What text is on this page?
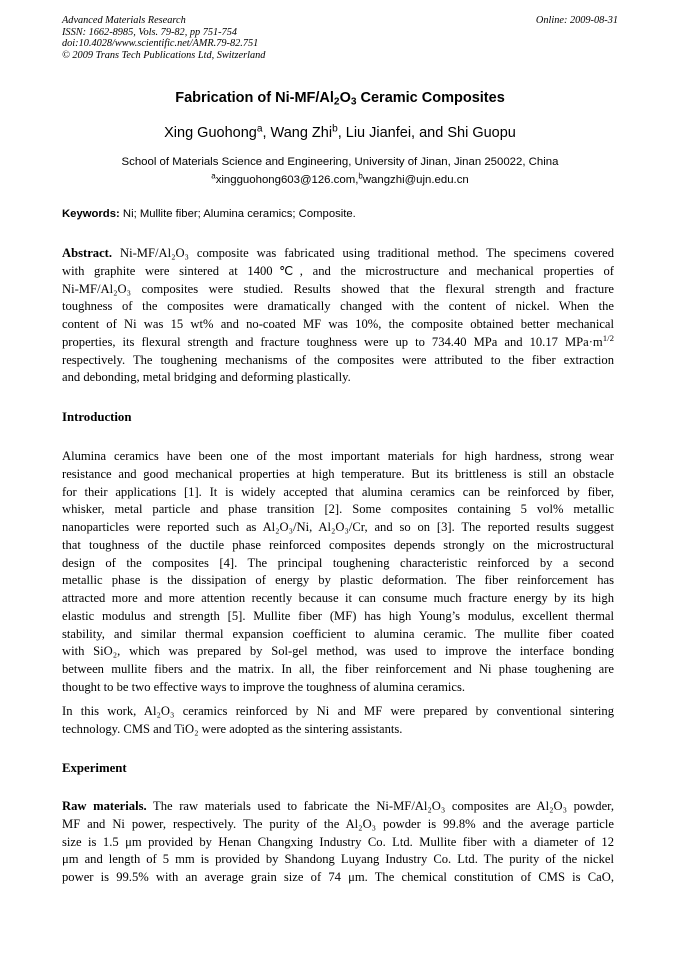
Advanced Materials Research
ISSN: 1662-8985, Vols. 79-82, pp 751-754
doi:10.4028/www.scientific.net/AMR.79-82.751
© 2009 Trans Tech Publications Ltd, Switzerland
Online: 2009-08-31
Fabrication of $Ni-MF/Al_2O_3$ Ceramic Composites
Xing Guohong$^a$, Wang Zhi$^b$, Liu Jianfei, and Shi Guopu
School of Materials Science and Engineering, University of Jinan, Jinan 250022, China
$^a$xingguohong603@126.com,$^b$wangzhi@ujn.edu.cn
Keywords: Ni; Mullite fiber; Alumina ceramics; Composite.
Abstract. Ni-MF/Al₂O₃ composite was fabricated using traditional method. The specimens covered
with graphite were sintered at 1400℃, and the microstructure and mechanical properties of
Ni-MF/Al₂O₃ composites were studied. Results showed that the flexural strength and fracture
toughness of the composites were dramatically changed with the content of nickel. When the
content of Ni was 15 wt% and no-coated MF was 10%, the composite obtained better mechanical
properties, its flexural strength and fracture toughness were up to 734.40 MPa and 10.17 $MPa\cdot m^{1/2}$
respectively. The toughening mechanisms of the composites were attributed to the fiber extraction
and debonding, metal bridging and deforming plastically.
Introduction
Alumina ceramics have been one of the most important materials for high hardness, strong wear
resistance and good mechanical properties at high temperature. But its brittleness is still an obstacle
for their applications [1]. It is widely accepted that alumina ceramics can be reinforced by fiber,
whisker, metal particle and phase transition [2]. Some composites containing 5 vol% metallic
nanoparticles were reported such as Al₂O₃/Ni, Al₂O₃/Cr, and so on [3]. The reported results suggest
that toughness of the ductile phase reinforced composites depends strongly on the microstructural
design of the composites [4]. The principal toughening characteristic reinforced by a second
metallic phase is the dissipation of energy by plastic deformation. The fiber reinforcement has
attracted more and more attention recently because it can consume much fracture energy by its high
elastic modulus and strength [5]. Mullite fiber (MF) has high Young’s modulus, excellent thermal
stability, and similar thermal expansion coefficient to alumina ceramic. The mullite fiber coated
with SiO₂, which was prepared by Sol-gel method, was used to improve the interface bonding
between mullite fibers and the matrix. In all, the fiber reinforcement and Ni phase toughening are
thought to be two effective ways to improve the toughness of alumina ceramics.
In this work, Al₂O₃ ceramics reinforced by Ni and MF were prepared by conventional sintering
technology. CMS and TiO₂ were adopted as the sintering assistants.
Experiment
Raw materials. The raw materials used to fabricate the Ni-MF/Al₂O₃ composites are Al₂O₃ powder,
MF and Ni power, respectively. The purity of the Al₂O₃ powder is 99.8% and the average particle
size is 1.5 μm provided by Henan Changxing Industry Co. Ltd. Mullite fiber with a diameter of 12
μm and length of 5 mm is provided by Shandong Luyang Industry Co. Ltd. The purity of the nickel
power is 99.5% with an average grain size of 74 μm. The chemical constitution of CMS is CaO,
